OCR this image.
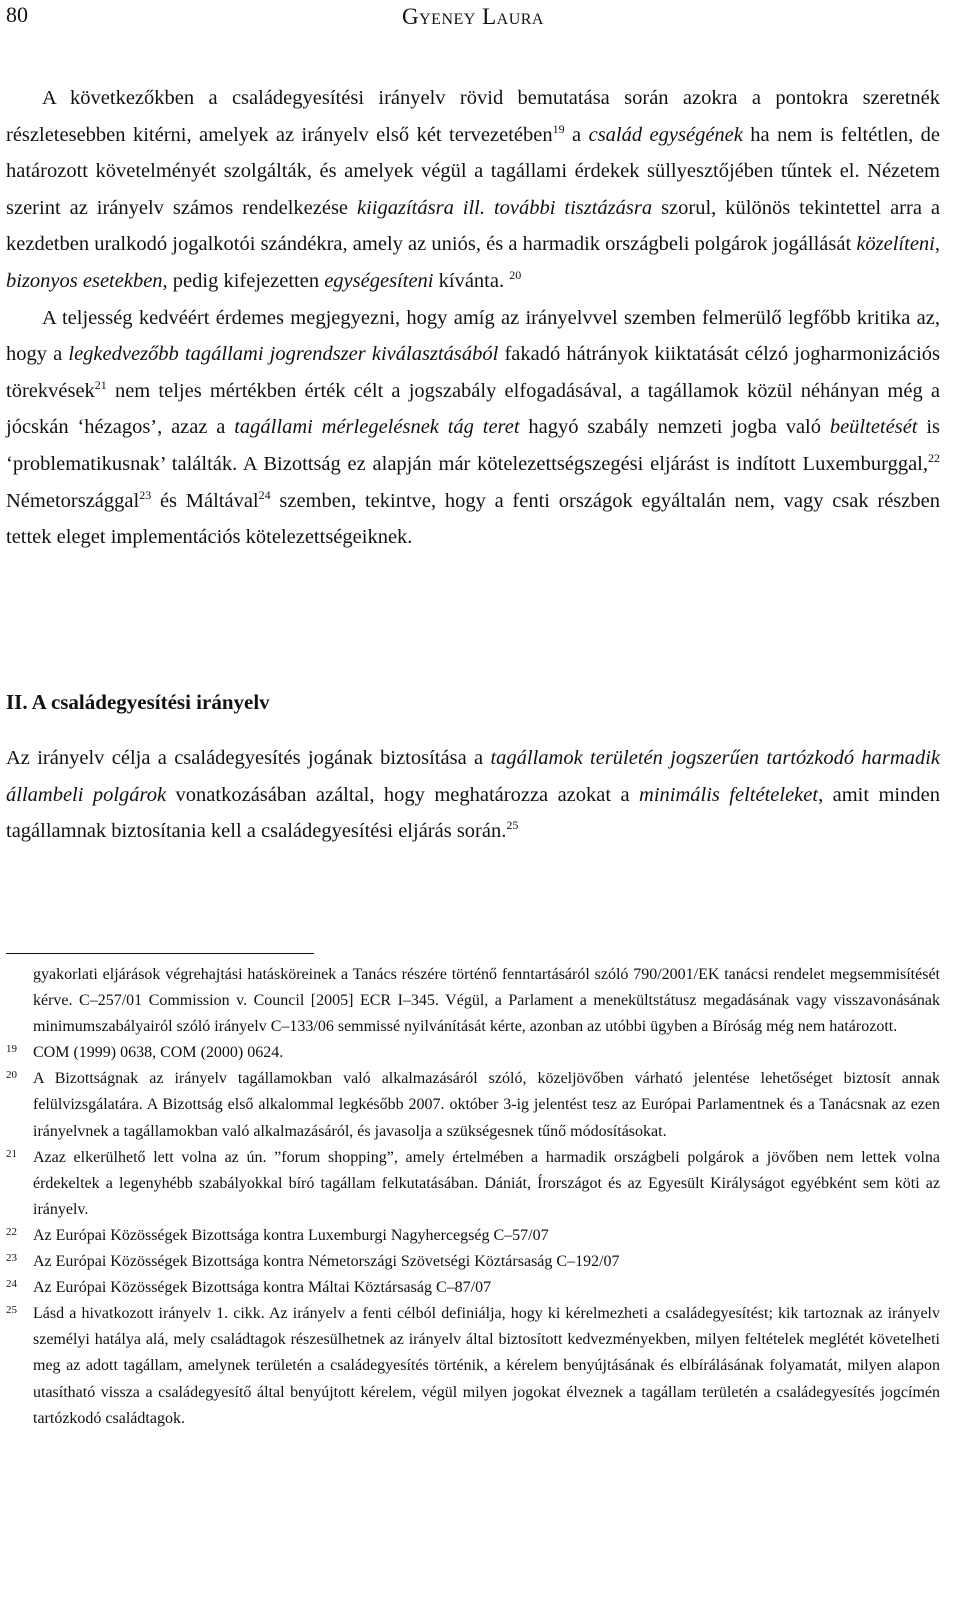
80	Gyeney Laura

A következőkben a családegyesítési irányelv rövid bemutatása során azokra a pontokra szeretnék részletesebben kitérni, amelyek az irányelv első két tervezetében$^{19}$ a család egységének ha nem is feltétlen, de határozott követelményét szolgálták, és amelyek végül a tagállami érdekek süllyesztőjében tűntek el. Nézetem szerint az irányelv számos rendelkezése kiigazításra ill. további tisztázásra szorul, különös tekintettel arra a kezdetben uralkodó jogalkotói szándékra, amely az uniós, és a harmadik országbeli polgárok jogállását közelíteni, bizonyos esetekben, pedig kifejezetten egységesíteni kívánta. $^{20}$

A teljesség kedvéért érdemes megjegyezni, hogy amíg az irányelvvel szemben felmerülő legfőbb kritika az, hogy a legkedvezőbb tagállami jogrendszer kiválasztásából fakadó hátrányok kiiktatását célzó jogharmonizációs törekvések$^{21}$ nem teljes mértékben érték célt a jogszabály elfogadásával, a tagállamok közül néhányan még a jócskán ‘hézagos’, azaz a tagállami mérlegelésnek tág teret hagyó szabály nemzeti jogba való beültetését is ‘problematikusnak’ találták. A Bizottság ez alapján már kötelezettségszegési eljárást is indított Luxemburggal,$^{22}$ Németországgal$^{23}$ és Máltával$^{24}$ szemben, tekintve, hogy a fenti országok egyáltalán nem, vagy csak részben tettek eleget implementációs kötelezettségeiknek.

II. A családegyesítési irányelv

Az irányelv célja a családegyesítés jogának biztosítása a tagállamok területén jogszerűen tartózkodó harmadik állambeli polgárok vonatkozásában azáltal, hogy meghatározza azokat a minimális feltételeket, amit minden tagállamnak biztosítania kell a családegyesítési eljárás során.$^{25}$

gyakorlati eljárások végrehajtási hatásköreinek a Tanács részére történő fenntartásáról szóló 790/2001/EK tanácsi rendelet megsemmisítését kérve. C–257/01 Commission v. Council [2005] ECR I–345. Végül, a Parlament a menekültstátusz megadásának vagy visszavonásának minimumszabályairól szóló irányelv C–133/06 semmissé nyilvánítását kérte, azonban az utóbbi ügyben a Bíróság még nem határozott.
19 COM (1999) 0638, COM (2000) 0624.
20 A Bizottságnak az irányelv tagállamokban való alkalmazásáról szóló, közeljövőben várható jelentése lehetőséget biztosít annak felülvizsgálatára. A Bizottság első alkalommal legkésőbb 2007. október 3-ig jelentést tesz az Európai Parlamentnek és a Tanácsnak az ezen irányelvnek a tagállamokban való alkalmazásáról, és javasolja a szükségesnek tűnő módosításokat.
21 Azaz elkerülhető lett volna az ún. ”forum shopping”, amely értelmében a harmadik országbeli polgárok a jövőben nem lettek volna érdekeltek a legenyhébb szabályokkal bíró tagállam felkutatásában. Dániát, Írországot és az Egyesült Királyságot egyébként sem köti az irányelv.
22 Az Európai Közösségek Bizottsága kontra Luxemburgi Nagyhercegség C–57/07
23 Az Európai Közösségek Bizottsága kontra Németországi Szövetségi Köztársaság C–192/07
24 Az Európai Közösségek Bizottsága kontra Máltai Köztársaság C–87/07
25 Lásd a hivatkozott irányelv 1. cikk. Az irányelv a fenti célból definiálja, hogy ki kérelmezheti a családegyesítést; kik tartoznak az irányelv személyi hatálya alá, mely családtagok részesülhetnek az irányelv által biztosított kedvezményekben, milyen feltételek meglétét követelheti meg az adott tagállam, amelynek területén a családegyesítés történik, a kérelem benyújtásának és elbírálásának folyamatát, milyen alapon utasítható vissza a családegyesítő által benyújtott kérelem, végül milyen jogokat élveznek a tagállam területén a családegyesítés jogcímén tartózkodó családtagok.
